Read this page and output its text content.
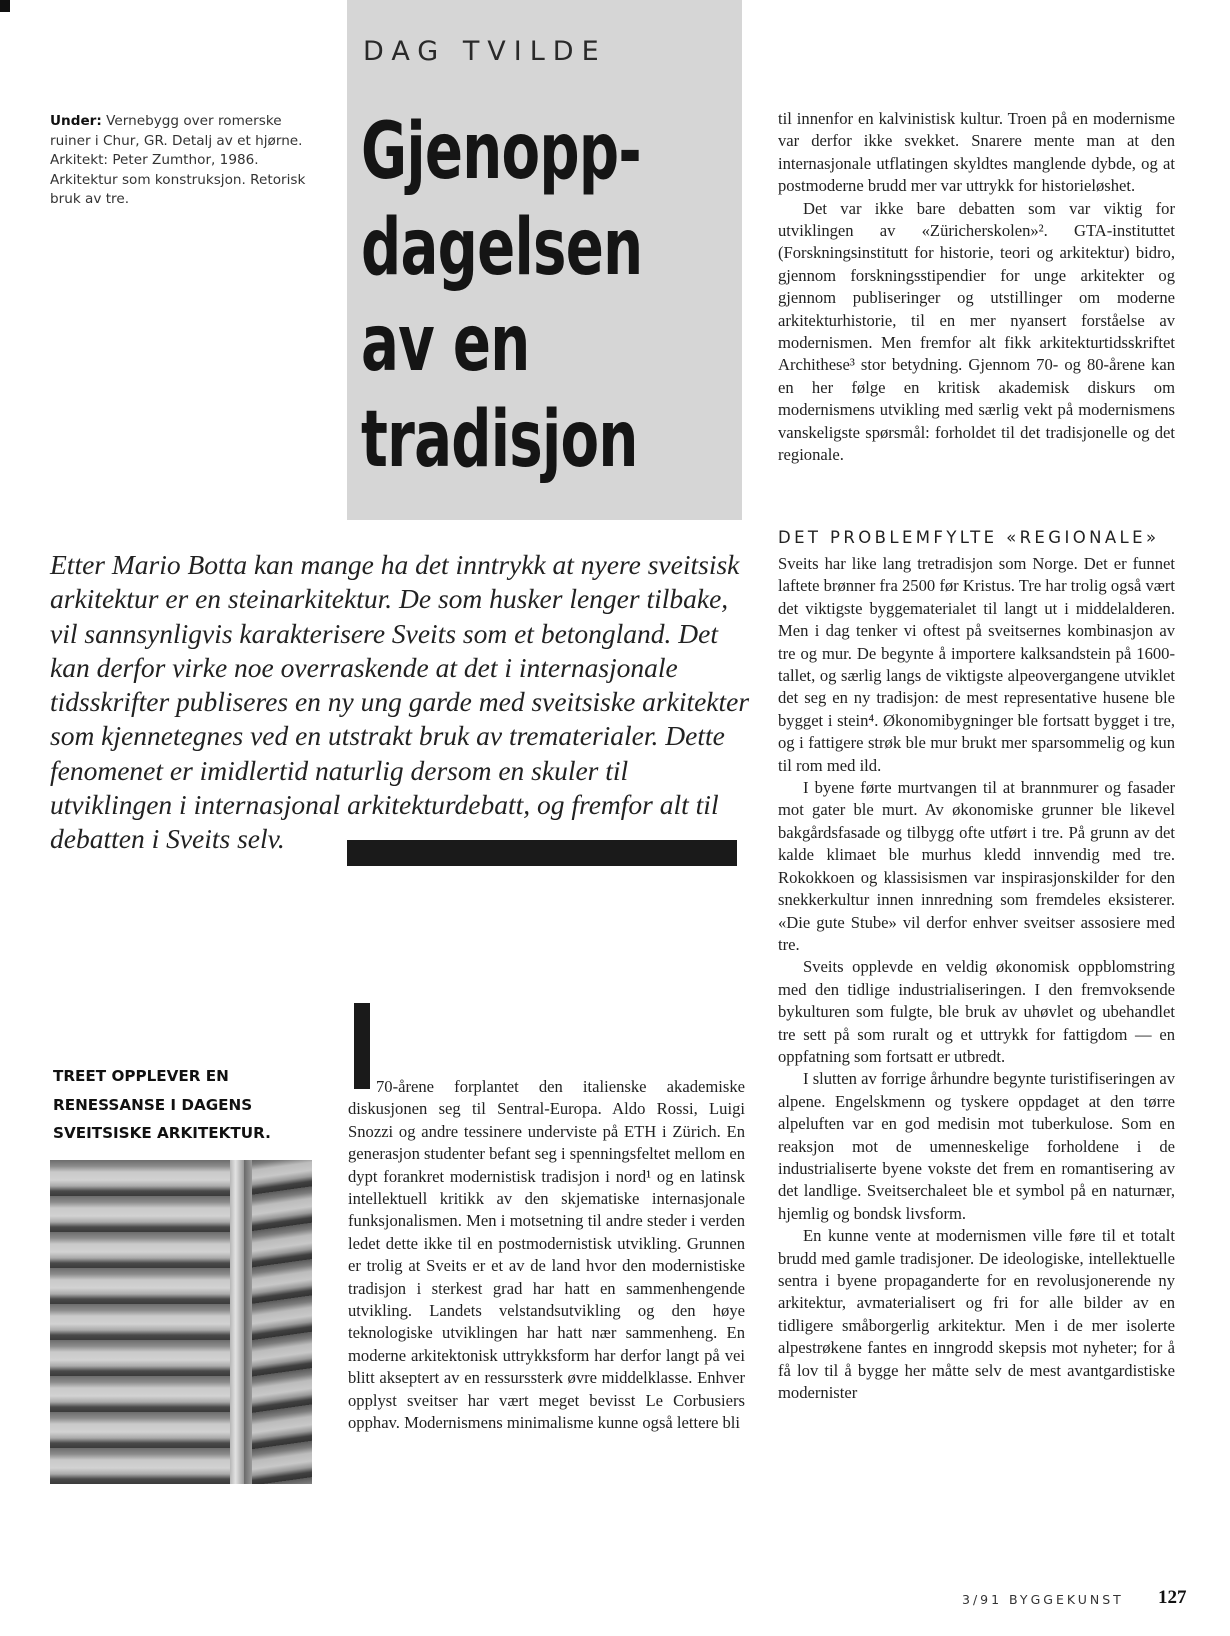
DAG TVILDE
Gjenopp-
dagelsen
av en
tradisjon
Under: Vernebygg over romerske ruiner i Chur, GR. Detalj av et hjørne. Arkitekt: Peter Zumthor, 1986. Arkitektur som konstruksjon. Retorisk bruk av tre.

Etter Mario Botta kan mange ha det inntrykk at nyere sveitsisk arkitektur er en steinarkitektur. De som husker lenger tilbake, vil sannsynligvis karakterisere Sveits som et betongland. Det kan derfor virke noe overraskende at det i internasjonale tidsskrifter publiseres en ny ung garde med sveitsiske arkitekter som kjennetegnes ved en utstrakt bruk av trematerialer. Dette fenomenet er imidlertid naturlig dersom en skuler til utviklingen i internasjonal arkitekturdebatt, og fremfor alt til debatten i Sveits selv.

TREET OPPLEVER EN RENESSANSE I DAGENS SVEITSISKE ARKITEKTUR.

70-årene forplantet den italienske akademiske diskusjonen seg til Sentral-Europa. Aldo Rossi, Luigi Snozzi og andre tessinere underviste på ETH i Zürich. En generasjon studenter befant seg i spenningsfeltet mellom en dypt forankret modernistisk tradisjon i nord¹ og en latinsk intellektuell kritikk av den skjematiske internasjonale funksjonalismen. Men i motsetning til andre steder i verden ledet dette ikke til en postmodernistisk utvikling. Grunnen er trolig at Sveits er et av de land hvor den modernistiske tradisjon i sterkest grad har hatt en sammenhengende utvikling. Landets velstandsutvikling og den høye teknologiske utviklingen har hatt nær sammenheng. En moderne arkitektonisk uttrykksform har derfor langt på vei blitt akseptert av en ressurssterk øvre middelklasse. Enhver opplyst sveitser har vært meget bevisst Le Corbusiers opphav. Modernismens minimalisme kunne også lettere bli

til innenfor en kalvinistisk kultur. Troen på en modernisme var derfor ikke svekket. Snarere mente man at den internasjonale utflatingen skyldtes manglende dybde, og at postmoderne brudd mer var uttrykk for historieløshet.

Det var ikke bare debatten som var viktig for utviklingen av «Züricherskolen»². GTA-instituttet (Forskningsinstitutt for historie, teori og arkitektur) bidro, gjennom forskningsstipendier for unge arkitekter og gjennom publiseringer og utstillinger om moderne arkitekturhistorie, til en mer nyansert forståelse av modernismen. Men fremfor alt fikk arkitekturtidsskriftet Archithese³ stor betydning. Gjennom 70- og 80-årene kan en her følge en kritisk akademisk diskurs om modernismens utvikling med særlig vekt på modernismens vanskeligste spørsmål: forholdet til det tradisjonelle og det regionale.

DET PROBLEMFYLTE «REGIONALE»

Sveits har like lang tretradisjon som Norge. Det er funnet laftete brønner fra 2500 før Kristus. Tre har trolig også vært det viktigste byggematerialet til langt ut i middelalderen. Men i dag tenker vi oftest på sveitsernes kombinasjon av tre og mur. De begynte å importere kalksandstein på 1600-tallet, og særlig langs de viktigste alpeovergangene utviklet det seg en ny tradisjon: de mest representative husene ble bygget i stein⁴. Økonomibygninger ble fortsatt bygget i tre, og i fattigere strøk ble mur brukt mer sparsommelig og kun til rom med ild.

I byene førte murtvangen til at brannmurer og fasader mot gater ble murt. Av økonomiske grunner ble likevel bakgårdsfasade og tilbygg ofte utført i tre. På grunn av det kalde klimaet ble murhus kledd innvendig med tre. Rokokkoen og klassisismen var inspirasjonskilder for den snekkerkultur innen innredning som fremdeles eksisterer. «Die gute Stube» vil derfor enhver sveitser assosiere med tre.

Sveits opplevde en veldig økonomisk oppblomstring med den tidlige industrialiseringen. I den fremvoksende bykulturen som fulgte, ble bruk av uhøvlet og ubehandlet tre sett på som ruralt og et uttrykk for fattigdom — en oppfatning som fortsatt er utbredt.

I slutten av forrige århundre begynte turistifiseringen av alpene. Engelskmenn og tyskere oppdaget at den tørre alpeluften var en god medisin mot tuberkulose. Som en reaksjon mot de umenneskelige forholdene i de industrialiserte byene vokste det frem en romantisering av det landlige. Sveitserchaleet ble et symbol på en naturnær, hjemlig og bondsk livsform.

En kunne vente at modernismen ville føre til et totalt brudd med gamle tradisjoner. De ideologiske, intellektuelle sentra i byene propaganderte for en revolusjonerende ny arkitektur, avmaterialisert og fri for alle bilder av en tidligere småborgerlig arkitektur. Men i de mer isolerte alpestrøkene fantes en inngrodd skepsis mot nyheter; for å få lov til å bygge her måtte selv de mest avantgardistiske modernister

3/91 BYGGEKUNST 127
